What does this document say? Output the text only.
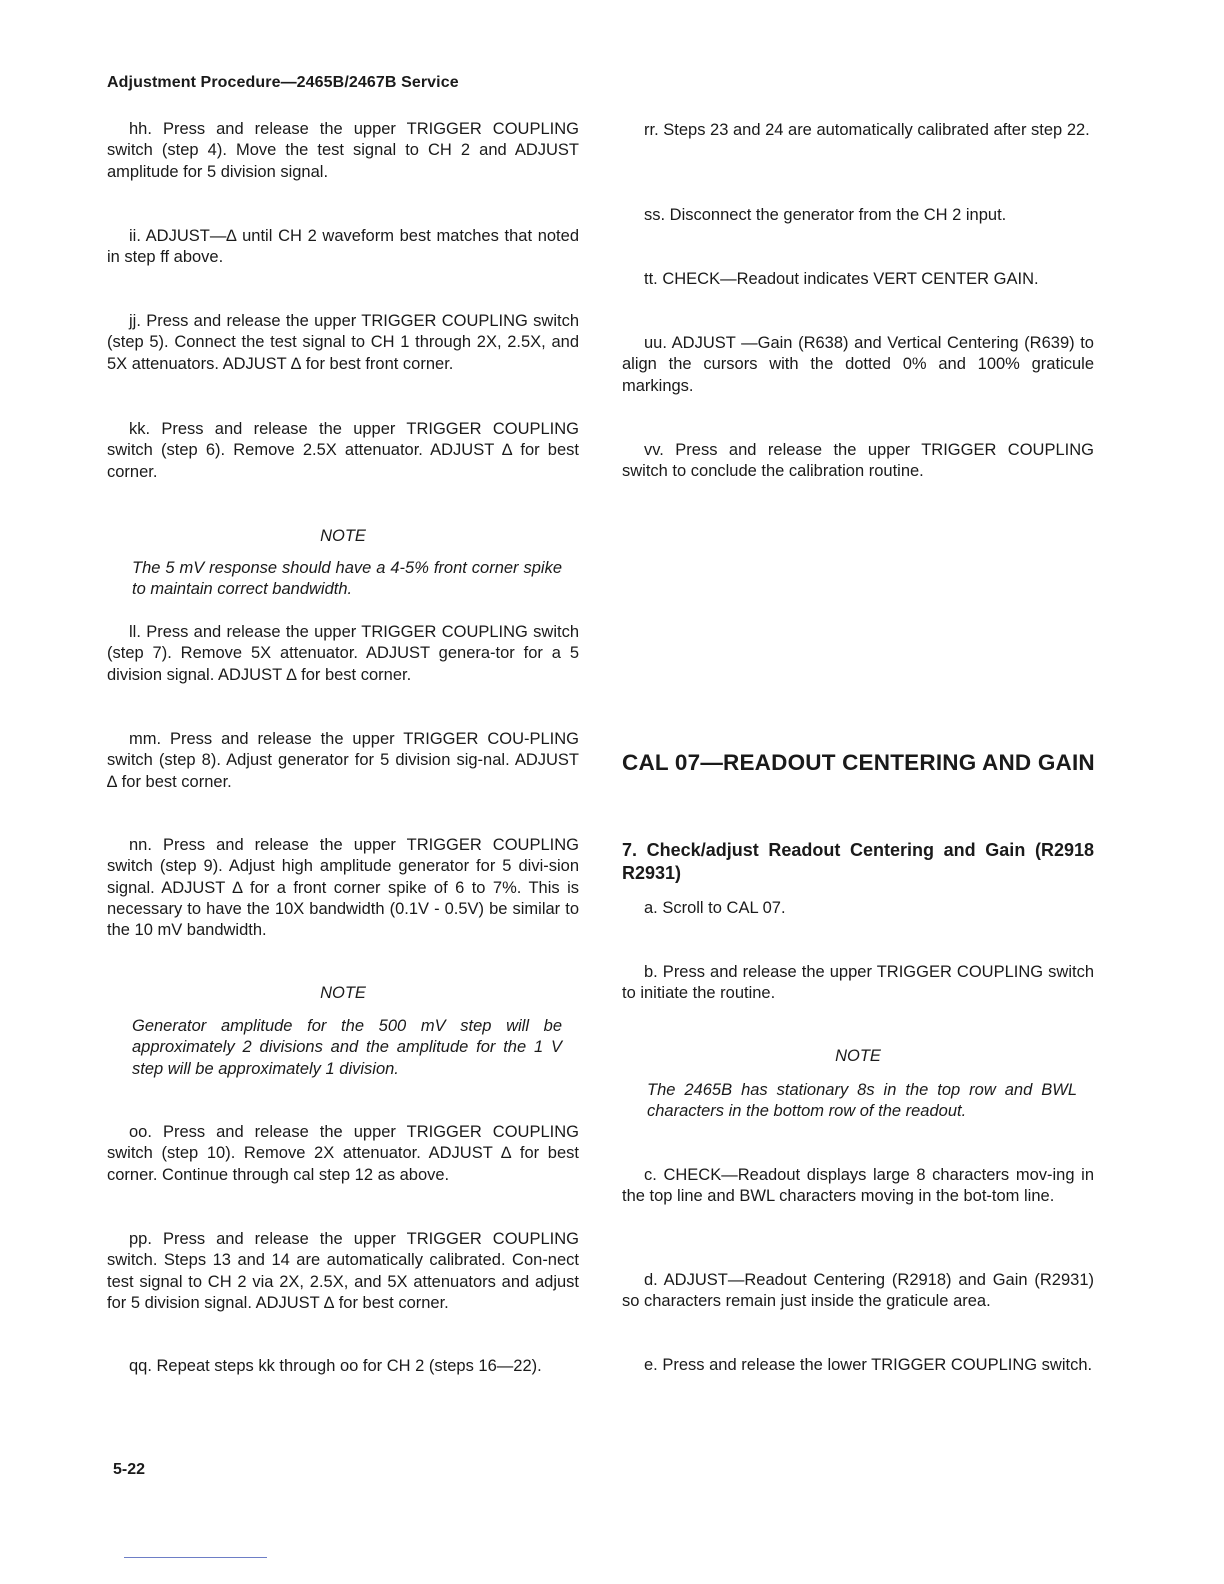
Adjustment Procedure—2465B/2467B Service

hh. Press and release the upper TRIGGER COUPLING switch (step 4). Move the test signal to CH 2 and ADJUST amplitude for 5 division signal.

ii. ADJUST—∆ until CH 2 waveform best matches that noted in step ff above.

jj. Press and release the upper TRIGGER COUPLING switch (step 5). Connect the test signal to CH 1 through 2X, 2.5X, and 5X attenuators. ADJUST ∆ for best front corner.

kk. Press and release the upper TRIGGER COUPLING switch (step 6). Remove 2.5X attenuator. ADJUST ∆ for best corner.

NOTE

The 5 mV response should have a 4-5% front corner spike to maintain correct bandwidth.

ll. Press and release the upper TRIGGER COUPLING switch (step 7). Remove 5X attenuator. ADJUST genera-tor for a 5 division signal. ADJUST ∆ for best corner.

mm. Press and release the upper TRIGGER COU-PLING switch (step 8). Adjust generator for 5 division sig-nal. ADJUST ∆ for best corner.

nn. Press and release the upper TRIGGER COUPLING switch (step 9). Adjust high amplitude generator for 5 divi-sion signal. ADJUST ∆ for a front corner spike of 6 to 7%. This is necessary to have the 10X bandwidth (0.1V - 0.5V) be similar to the 10 mV bandwidth.

NOTE

Generator amplitude for the 500 mV step will be approximately 2 divisions and the amplitude for the 1 V step will be approximately 1 division.

oo. Press and release the upper TRIGGER COUPLING switch (step 10). Remove 2X attenuator. ADJUST ∆ for best corner. Continue through cal step 12 as above.

pp. Press and release the upper TRIGGER COUPLING switch. Steps 13 and 14 are automatically calibrated. Con-nect test signal to CH 2 via 2X, 2.5X, and 5X attenuators and adjust for 5 division signal. ADJUST ∆ for best corner.

qq. Repeat steps kk through oo for CH 2 (steps 16—22).

rr. Steps 23 and 24 are automatically calibrated after step 22.

ss. Disconnect the generator from the CH 2 input.

tt. CHECK—Readout indicates VERT CENTER GAIN.

uu. ADJUST —Gain (R638) and Vertical Centering (R639) to align the cursors with the dotted 0% and 100% graticule markings.

vv. Press and release the upper TRIGGER COUPLING switch to conclude the calibration routine.

CAL 07—READOUT CENTERING AND GAIN
7. Check/adjust Readout Centering and Gain (R2918 R2931)

a. Scroll to CAL 07.

b. Press and release the upper TRIGGER COUPLING switch to initiate the routine.

NOTE

The 2465B has stationary 8s in the top row and BWL characters in the bottom row of the readout.

c. CHECK—Readout displays large 8 characters mov-ing in the top line and BWL characters moving in the bot-tom line.

d. ADJUST—Readout Centering (R2918) and Gain (R2931) so characters remain just inside the graticule area.

e. Press and release the lower TRIGGER COUPLING switch.

5-22
